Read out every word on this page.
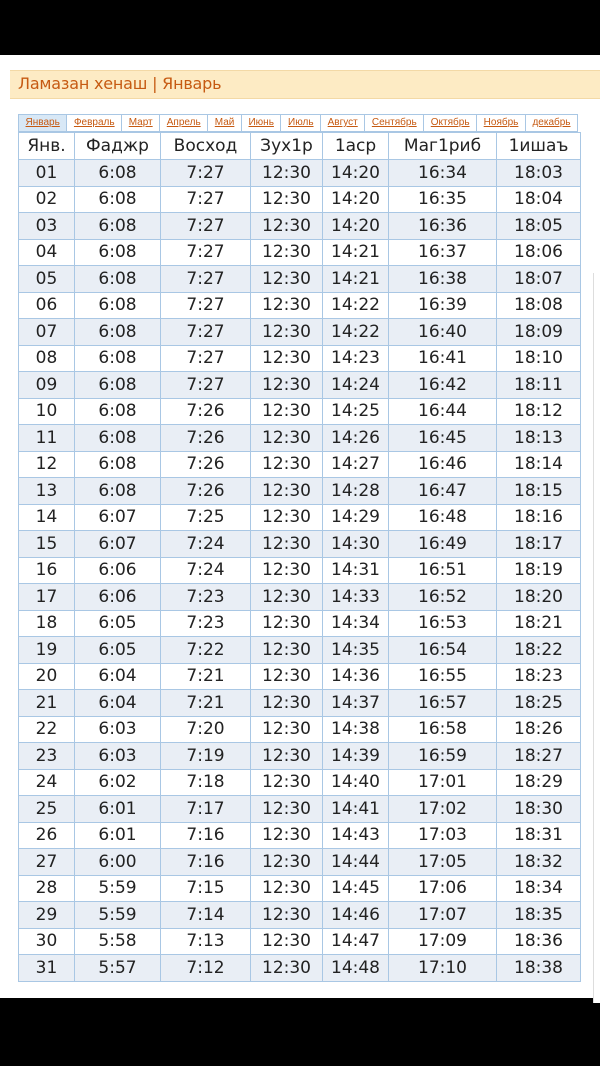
Ламазан хенаш | Январь
Январь	Февраль	Март	Апрель	Май	Июнь	Июль	Август	Сентябрь	Октябрь	Ноябрь	декабрь
Янв.	Фаджр	Восход	Зух1р	1аср	Маг1риб	1ишаъ
01	6:08	7:27	12:30	14:20	16:34	18:03
02	6:08	7:27	12:30	14:20	16:35	18:04
03	6:08	7:27	12:30	14:20	16:36	18:05
04	6:08	7:27	12:30	14:21	16:37	18:06
05	6:08	7:27	12:30	14:21	16:38	18:07
06	6:08	7:27	12:30	14:22	16:39	18:08
07	6:08	7:27	12:30	14:22	16:40	18:09
08	6:08	7:27	12:30	14:23	16:41	18:10
09	6:08	7:27	12:30	14:24	16:42	18:11
10	6:08	7:26	12:30	14:25	16:44	18:12
11	6:08	7:26	12:30	14:26	16:45	18:13
12	6:08	7:26	12:30	14:27	16:46	18:14
13	6:08	7:26	12:30	14:28	16:47	18:15
14	6:07	7:25	12:30	14:29	16:48	18:16
15	6:07	7:24	12:30	14:30	16:49	18:17
16	6:06	7:24	12:30	14:31	16:51	18:19
17	6:06	7:23	12:30	14:33	16:52	18:20
18	6:05	7:23	12:30	14:34	16:53	18:21
19	6:05	7:22	12:30	14:35	16:54	18:22
20	6:04	7:21	12:30	14:36	16:55	18:23
21	6:04	7:21	12:30	14:37	16:57	18:25
22	6:03	7:20	12:30	14:38	16:58	18:26
23	6:03	7:19	12:30	14:39	16:59	18:27
24	6:02	7:18	12:30	14:40	17:01	18:29
25	6:01	7:17	12:30	14:41	17:02	18:30
26	6:01	7:16	12:30	14:43	17:03	18:31
27	6:00	7:16	12:30	14:44	17:05	18:32
28	5:59	7:15	12:30	14:45	17:06	18:34
29	5:59	7:14	12:30	14:46	17:07	18:35
30	5:58	7:13	12:30	14:47	17:09	18:36
31	5:57	7:12	12:30	14:48	17:10	18:38
